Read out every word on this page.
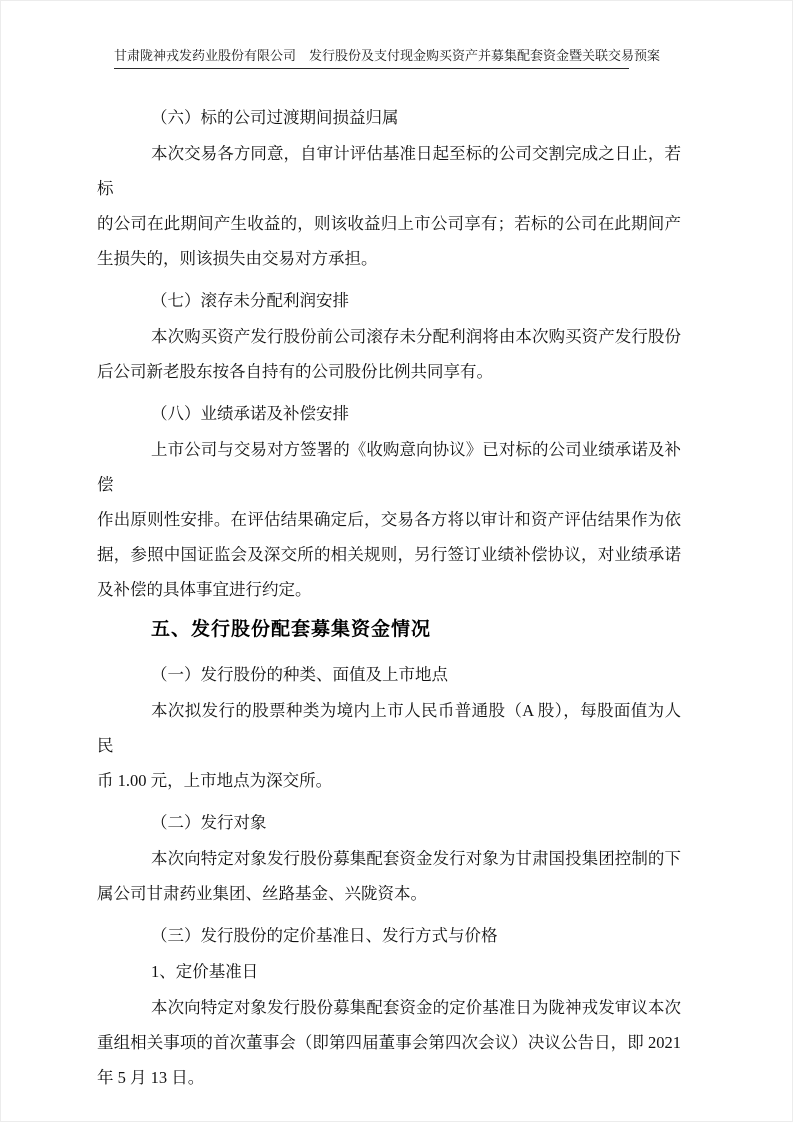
甘肃陇神戎发药业股份有限公司　发行股份及支付现金购买资产并募集配套资金暨关联交易预案
（六）标的公司过渡期间损益归属
本次交易各方同意，自审计评估基准日起至标的公司交割完成之日止，若标
的公司在此期间产生收益的，则该收益归上市公司享有；若标的公司在此期间产
生损失的，则该损失由交易对方承担。
（七）滚存未分配利润安排
本次购买资产发行股份前公司滚存未分配利润将由本次购买资产发行股份
后公司新老股东按各自持有的公司股份比例共同享有。
（八）业绩承诺及补偿安排
上市公司与交易对方签署的《收购意向协议》已对标的公司业绩承诺及补偿
作出原则性安排。在评估结果确定后，交易各方将以审计和资产评估结果作为依
据，参照中国证监会及深交所的相关规则，另行签订业绩补偿协议，对业绩承诺
及补偿的具体事宜进行约定。
五、发行股份配套募集资金情况
（一）发行股份的种类、面值及上市地点
本次拟发行的股票种类为境内上市人民币普通股（A 股），每股面值为人民
币 1.00 元，上市地点为深交所。
（二）发行对象
本次向特定对象发行股份募集配套资金发行对象为甘肃国投集团控制的下
属公司甘肃药业集团、丝路基金、兴陇资本。
（三）发行股份的定价基准日、发行方式与价格
1、定价基准日
本次向特定对象发行股份募集配套资金的定价基准日为陇神戎发审议本次
重组相关事项的首次董事会（即第四届董事会第四次会议）决议公告日，即 2021
年 5 月 13 日。
